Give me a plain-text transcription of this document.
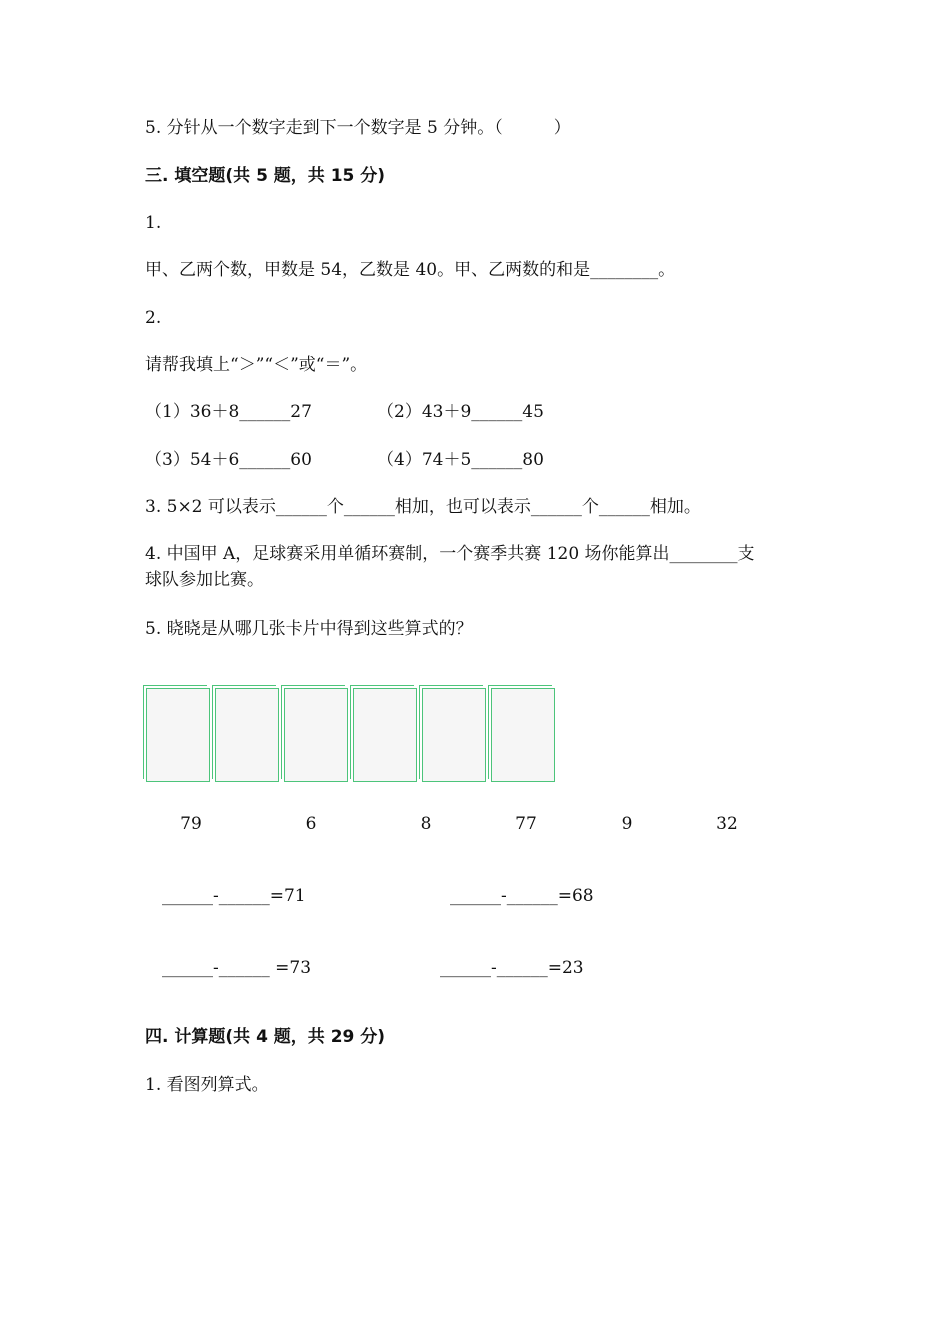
5. 分针从一个数字走到下一个数字是 5 分钟。（　　　）
三. 填空题(共 5 题，共 15 分)
1.
甲、乙两个数，甲数是 54，乙数是 40。甲、乙两数的和是________。
2.
请帮我填上“＞”“＜”或“＝”。
（1）36＋8______27	（2）43＋9______45
（3）54＋6______60	（4）74＋5______80
3. 5×2 可以表示______个______相加，也可以表示______个______相加。
4. 中国甲 A，足球赛采用单循环赛制，一个赛季共赛 120 场你能算出________支
球队参加比赛。
5. 晓晓是从哪几张卡片中得到这些算式的？
79	6	8	77	9	32
______-______=71	______-______=68
______-______ =73	______-______=23
四. 计算题(共 4 题，共 29 分)
1. 看图列算式。
